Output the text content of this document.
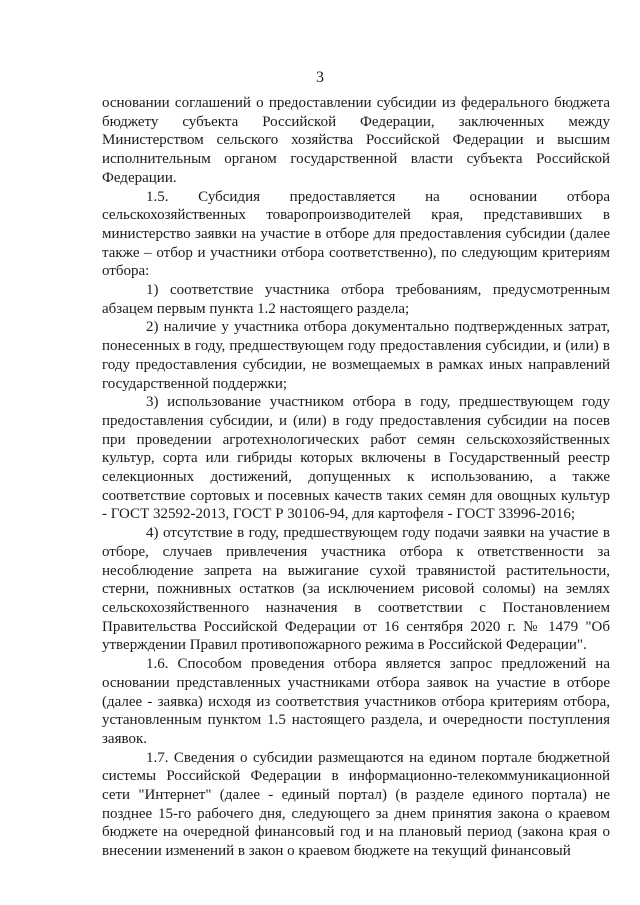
3

основании соглашений о предоставлении субсидии из федерального бюджета бюджету субъекта Российской Федерации, заключенных между Министерством сельского хозяйства Российской Федерации и высшим исполнительным органом государственной власти субъекта Российской Федерации.

1.5. Субсидия предоставляется на основании отбора сельскохозяйственных товаропроизводителей края, представивших в министерство заявки на участие в отборе для предоставления субсидии (далее также – отбор и участники отбора соответственно), по следующим критериям отбора:

1) соответствие участника отбора требованиям, предусмотренным абзацем первым пункта 1.2 настоящего раздела;

2) наличие у участника отбора документально подтвержденных затрат, понесенных в году, предшествующем году предоставления субсидии, и (или) в году предоставления субсидии, не возмещаемых в рамках иных направлений государственной поддержки;

3) использование участником отбора в году, предшествующем году предоставления субсидии, и (или) в году предоставления субсидии на посев при проведении агротехнологических работ семян сельскохозяйственных культур, сорта или гибриды которых включены в Государственный реестр селекционных достижений, допущенных к использованию, а также соответствие сортовых и посевных качеств таких семян для овощных культур - ГОСТ 32592-2013, ГОСТ Р 30106-94, для картофеля - ГОСТ 33996-2016;

4) отсутствие в году, предшествующем году подачи заявки на участие в отборе, случаев привлечения участника отбора к ответственности за несоблюдение запрета на выжигание сухой травянистой растительности, стерни, пожнивных остатков (за исключением рисовой соломы) на землях сельскохозяйственного назначения в соответствии с Постановлением Правительства Российской Федерации от 16 сентября 2020 г. № 1479 "Об утверждении Правил противопожарного режима в Российской Федерации".

1.6. Способом проведения отбора является запрос предложений на основании представленных участниками отбора заявок на участие в отборе (далее - заявка) исходя из соответствия участников отбора критериям отбора, установленным пунктом 1.5 настоящего раздела, и очередности поступления заявок.

1.7. Сведения о субсидии размещаются на едином портале бюджетной системы Российской Федерации в информационно-телекоммуникационной сети "Интернет" (далее - единый портал) (в разделе единого портала) не позднее 15-го рабочего дня, следующего за днем принятия закона о краевом бюджете на очередной финансовый год и на плановый период (закона края о внесении изменений в закон о краевом бюджете на текущий финансовый
